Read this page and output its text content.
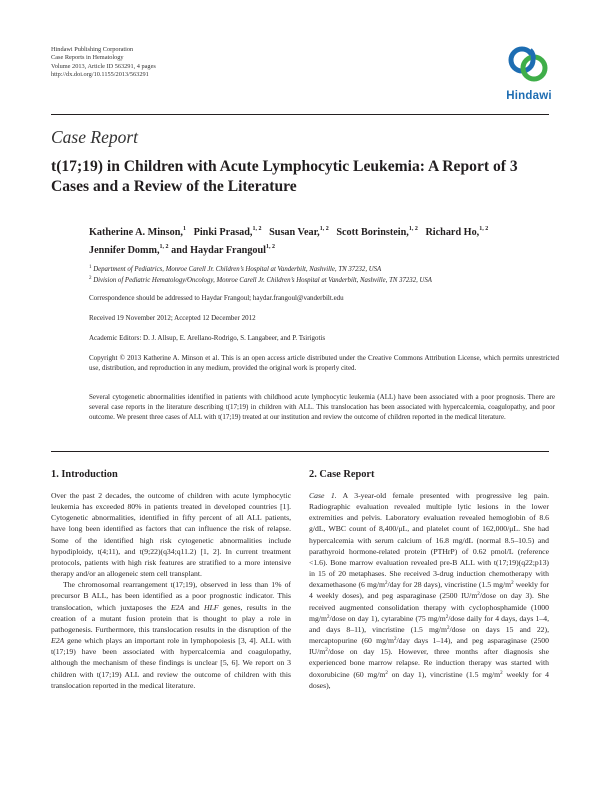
Hindawi Publishing Corporation
Case Reports in Hematology
Volume 2013, Article ID 563291, 4 pages
http://dx.doi.org/10.1155/2013/563291
Hindawi
Case Report
t(17;19) in Children with Acute Lymphocytic Leukemia: A Report of 3 Cases and a Review of the Literature
Katherine A. Minson,$^1$ Pinki Prasad,$^{1, 2}$ Susan Vear,$^{1, 2}$ Scott Borinstein,$^{1, 2}$ Richard Ho,$^{1, 2}$
Jennifer Domm,$^{1, 2}$ and Haydar Frangoul$^{1, 2}$
$^1$ Department of Pediatrics, Monroe Carell Jr. Children’s Hospital at Vanderbilt, Nashville, TN 37232, USA
$^2$ Division of Pediatric Hematology/Oncology, Monroe Carell Jr. Children’s Hospital at Vanderbilt, Nashville, TN 37232, USA
Correspondence should be addressed to Haydar Frangoul; haydar.frangoul@vanderbilt.edu
Received 19 November 2012; Accepted 12 December 2012
Academic Editors: D. J. Allsup, E. Arellano-Rodrigo, S. Langabeer, and P. Tsirigotis
Copyright © 2013 Katherine A. Minson et al. This is an open access article distributed under the Creative Commons Attribution License, which permits unrestricted use, distribution, and reproduction in any medium, provided the original work is properly cited.
Several cytogenetic abnormalities identified in patients with childhood acute lymphocytic leukemia (ALL) have been associated with a poor prognosis. There are several case reports in the literature describing t(17;19) in children with ALL. This translocation has been associated with hypercalcemia, coagulopathy, and poor outcome. We present three cases of ALL with t(17;19) treated at our institution and review the outcome of children reported in the medical literature.
1. Introduction

Over the past 2 decades, the outcome of children with acute lymphocytic leukemia has exceeded 80% in patients treated in developed countries [1]. Cytogenetic abnormalities, identified in fifty percent of all ALL patients, have long been identified as factors that can influence the risk of relapse. Some of the identified high risk cytogenetic abnormalities include hypodiploidy, t(4;11), and t(9;22)(q34;q11.2) [1, 2]. In current treatment protocols, patients with high risk features are stratified to a more intensive therapy and/or an allogeneic stem cell transplant.

The chromosomal rearrangement t(17;19), observed in less than 1% of precursor B ALL, has been identified as a poor prognostic indicator. This translocation, which juxtaposes the E2A and HLF genes, results in the creation of a mutant fusion protein that is thought to play a role in pathogenesis. Furthermore, this translocation results in the disruption of the E2A gene which plays an important role in lymphopoiesis [3, 4]. ALL with t(17;19) have been associated with hypercalcemia and coagulopathy, although the mechanism of these findings is unclear [5, 6]. We report on 3 children with t(17;19) ALL and review the outcome of children with this translocation reported in the medical literature.

2. Case Report

Case 1. A 3-year-old female presented with progressive leg pain. Radiographic evaluation revealed multiple lytic lesions in the lower extremities and pelvis. Laboratory evaluation revealed hemoglobin of 8.6 g/dL, WBC count of 8,400/μL, and platelet count of 162,000/μL. She had hypercalcemia with serum calcium of 16.8 mg/dL (normal 8.5–10.5) and parathyroid hormone-related protein (PTHrP) of 0.62 pmol/L (reference <1.6). Bone marrow evaluation revealed pre-B ALL with t(17;19)(q22;p13) in 15 of 20 metaphases. She received 3-drug induction chemotherapy with dexamethasone (6 $mg/m^2$/day for 28 days), vincristine (1.5 $mg/m^2$ weekly for 4 weekly doses), and peg asparaginase (2500 $IU/m^2$/dose on day 3). She received augmented consolidation therapy with cyclophosphamide (1000 $mg/m^2$/dose on day 1), cytarabine (75 $mg/m^2$/dose daily for 4 days, days 1–4, and days 8–11), vincristine (1.5 $mg/m^2$/dose on days 15 and 22), mercaptopurine (60 $mg/m^2$/day days 1–14), and peg asparaginase (2500 $IU/m^2$/dose on day 15). However, three months after diagnosis she experienced bone marrow relapse. Re induction therapy was started with doxorubicine (60 $mg/m^2$ on day 1), vincristine (1.5 $mg/m^2$ weekly for 4 doses),
